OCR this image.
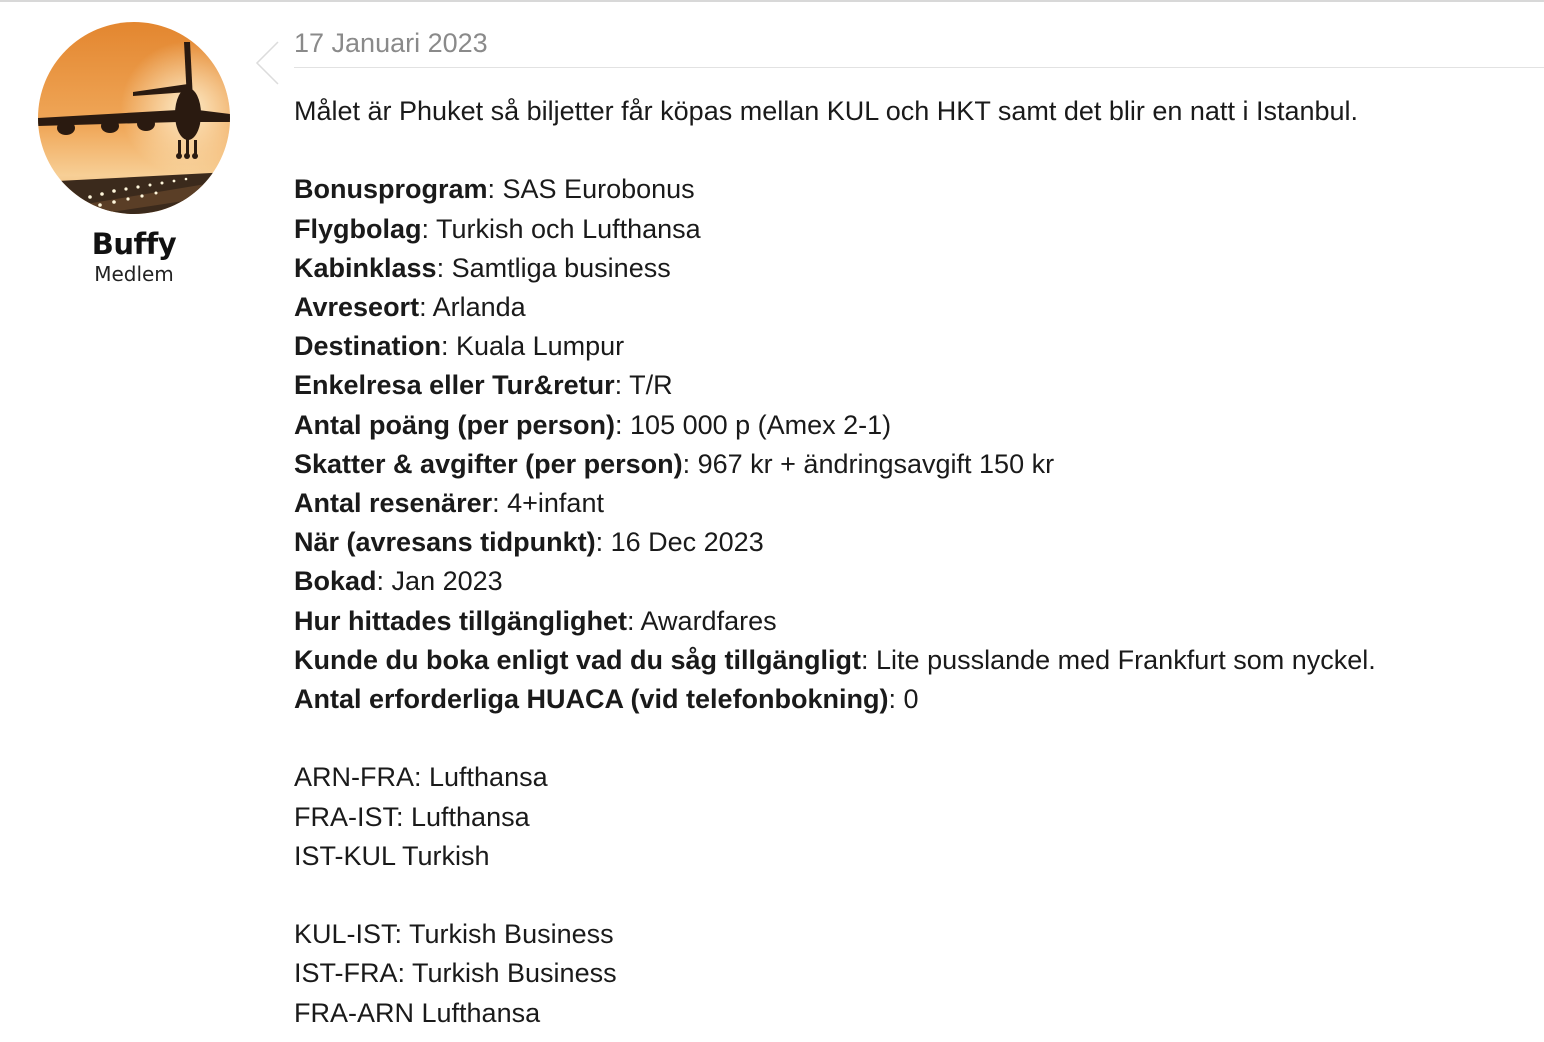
Buffy
Medlem
17 Januari 2023

Målet är Phuket så biljetter får köpas mellan KUL och HKT samt det blir en natt i Istanbul.

Bonusprogram: SAS Eurobonus

Flygbolag: Turkish och Lufthansa

Kabinklass: Samtliga business

Avreseort: Arlanda

Destination: Kuala Lumpur

Enkelresa eller Tur&retur: T/R

Antal poäng (per person): 105 000 p (Amex 2-1)

Skatter & avgifter (per person): 967 kr + ändringsavgift 150 kr

Antal resenärer: 4+infant

När (avresans tidpunkt): 16 Dec 2023

Bokad: Jan 2023

Hur hittades tillgänglighet: Awardfares

Kunde du boka enligt vad du såg tillgängligt: Lite pusslande med Frankfurt som nyckel.

Antal erforderliga HUACA (vid telefonbokning): 0

ARN-FRA: Lufthansa

FRA-IST: Lufthansa

IST-KUL Turkish

KUL-IST: Turkish Business

IST-FRA: Turkish Business

FRA-ARN Lufthansa
